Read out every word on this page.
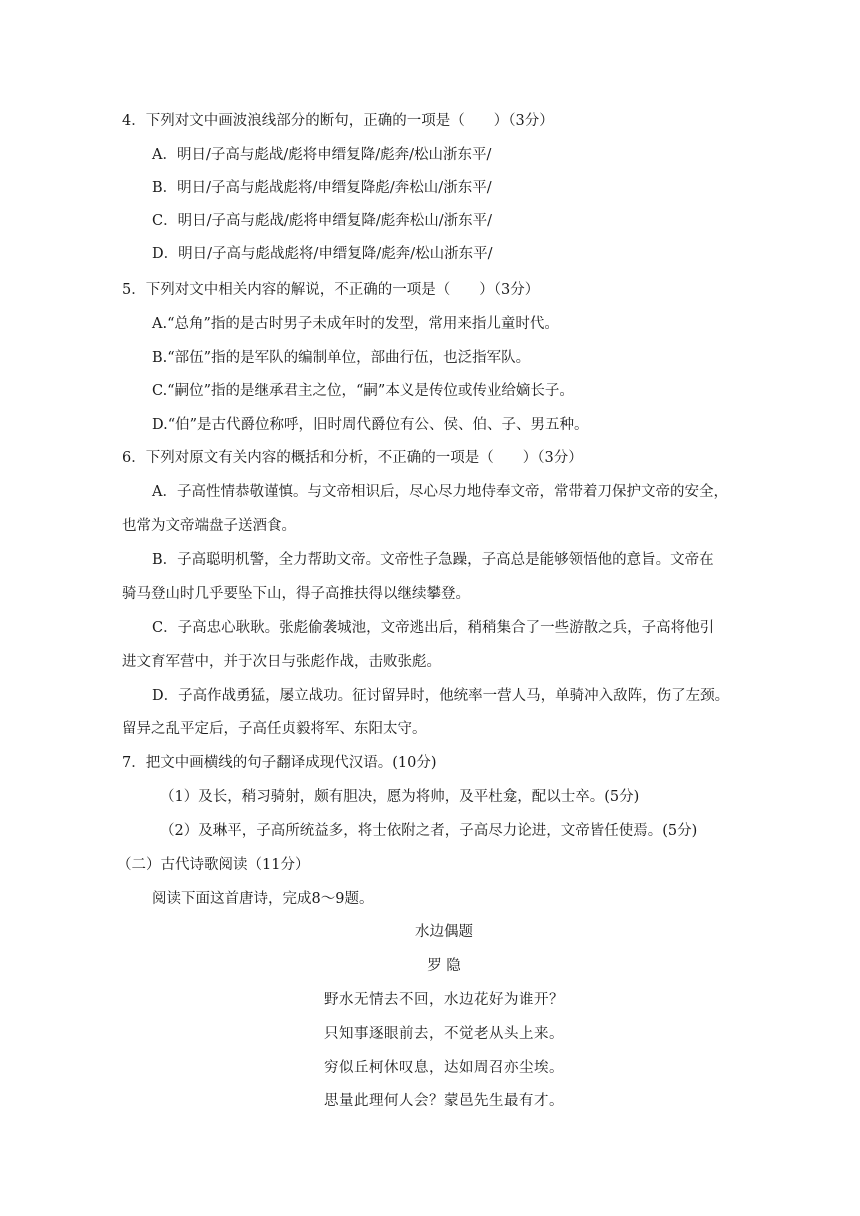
4．下列对文中画波浪线部分的断句，正确的一项是（　　）（3分）
A．明日/子高与彪战/彪将申缙复降/彪奔/松山浙东平/
B．明日/子高与彪战彪将/申缙复降彪/奔松山/浙东平/
C．明日/子高与彪战/彪将申缙复降/彪奔松山/浙东平/
D．明日/子高与彪战彪将/申缙复降/彪奔/松山浙东平/
5．下列对文中相关内容的解说，不正确的一项是（　　）（3分）
A.“总角”指的是古时男子未成年时的发型，常用来指儿童时代。
B.“部伍”指的是军队的编制单位，部曲行伍，也泛指军队。
C.“嗣位”指的是继承君主之位，“嗣”本义是传位或传业给嫡长子。
D.“伯”是古代爵位称呼，旧时周代爵位有公、侯、伯、子、男五种。
6．下列对原文有关内容的概括和分析，不正确的一项是（　　）（3分）
A．子高性情恭敬谨慎。与文帝相识后，尽心尽力地侍奉文帝，常带着刀保护文帝的安全，
也常为文帝端盘子送酒食。
B．子高聪明机警，全力帮助文帝。文帝性子急躁，子高总是能够领悟他的意旨。文帝在
骑马登山时几乎要坠下山，得子高推扶得以继续攀登。
C．子高忠心耿耿。张彪偷袭城池，文帝逃出后，稍稍集合了一些游散之兵，子高将他引
进文育军营中，并于次日与张彪作战，击败张彪。
D．子高作战勇猛，屡立战功。征讨留异时，他统率一营人马，单骑冲入敌阵，伤了左颈。
留异之乱平定后，子高任贞毅将军、东阳太守。
7．把文中画横线的句子翻译成现代汉语。(10分)
（1）及长，稍习骑射，颇有胆决，愿为将帅，及平杜龛，配以士卒。(5分)
（2）及琳平，子高所统益多，将士依附之者，子高尽力论进，文帝皆任使焉。(5分)
（二）古代诗歌阅读（11分）
阅读下面这首唐诗，完成8～9题。
水边偶题
罗 隐
野水无情去不回，水边花好为谁开？
只知事逐眼前去，不觉老从头上来。
穷似丘柯休叹息，达如周召亦尘埃。
思量此理何人会？蒙邑先生最有才。
